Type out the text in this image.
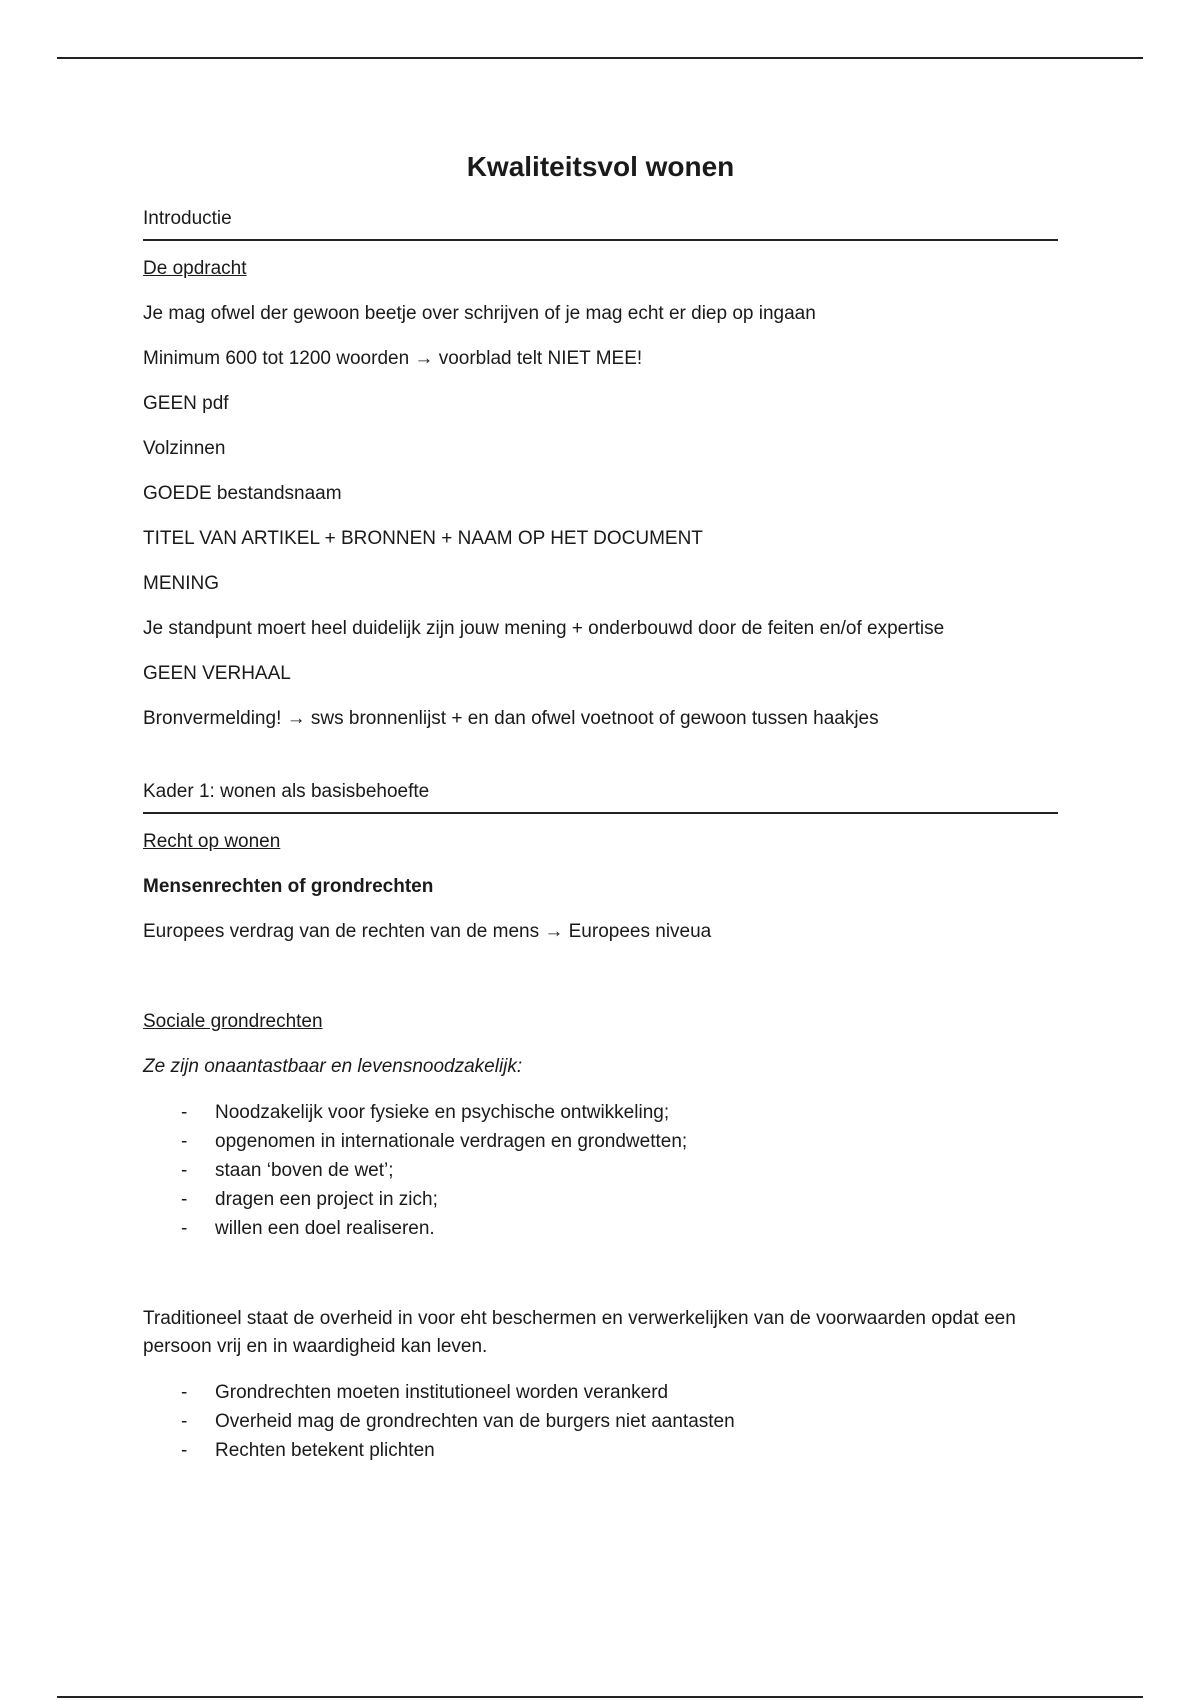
Kwaliteitsvol wonen
Introductie
De opdracht
Je mag ofwel der gewoon beetje over schrijven of je mag echt er diep op ingaan
Minimum 600 tot 1200 woorden → voorblad telt NIET MEE!
GEEN pdf
Volzinnen
GOEDE bestandsnaam
TITEL VAN ARTIKEL + BRONNEN + NAAM OP HET DOCUMENT
MENING
Je standpunt moert heel duidelijk zijn jouw mening + onderbouwd door de feiten en/of expertise
GEEN VERHAAL
Bronvermelding! → sws bronnenlijst + en dan ofwel voetnoot of gewoon tussen haakjes
Kader 1: wonen als basisbehoefte
Recht op wonen
Mensenrechten of grondrechten
Europees verdrag van de rechten van de mens → Europees niveua
Sociale grondrechten
Ze zijn onaantastbaar en levensnoodzakelijk:
- Noodzakelijk voor fysieke en psychische ontwikkeling;
- opgenomen in internationale verdragen en grondwetten;
- staan ‘boven de wet’;
- dragen een project in zich;
- willen een doel realiseren.
Traditioneel staat de overheid in voor eht beschermen en verwerkelijken van de voorwaarden opdat een persoon vrij en in waardigheid kan leven.
- Grondrechten moeten institutioneel worden verankerd
- Overheid mag de grondrechten van de burgers niet aantasten
- Rechten betekent plichten
